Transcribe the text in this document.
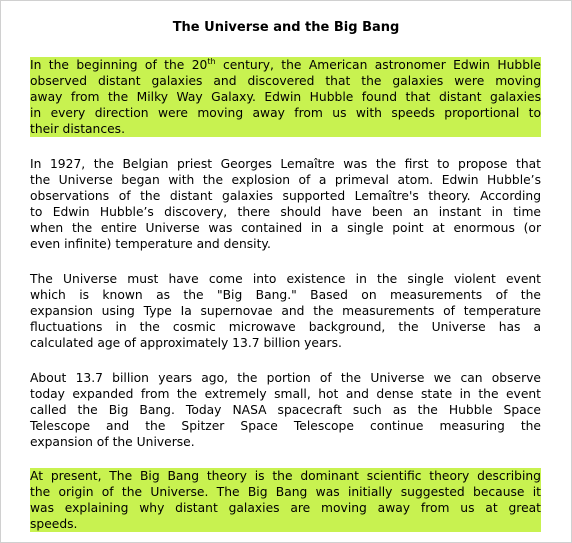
The Universe and the Big Bang
In the beginning of the 20th century, the American astronomer Edwin Hubble
observed distant galaxies and discovered that the galaxies were moving
away from the Milky Way Galaxy. Edwin Hubble found that distant galaxies
in every direction were moving away from us with speeds proportional to
their distances.
In 1927, the Belgian priest Georges Lemaître was the first to propose that
the Universe began with the explosion of a primeval atom. Edwin Hubble’s
observations of the distant galaxies supported Lemaître's theory. According
to Edwin Hubble’s discovery, there should have been an instant in time
when the entire Universe was contained in a single point at enormous (or
even infinite) temperature and density.
The Universe must have come into existence in the single violent event
which is known as the "Big Bang." Based on measurements of the
expansion using Type Ia supernovae and the measurements of temperature
fluctuations in the cosmic microwave background, the Universe has a
calculated age of approximately 13.7 billion years.
About 13.7 billion years ago, the portion of the Universe we can observe
today expanded from the extremely small, hot and dense state in the event
called the Big Bang. Today NASA spacecraft such as the Hubble Space
Telescope and the Spitzer Space Telescope continue measuring the
expansion of the Universe.
At present, The Big Bang theory is the dominant scientific theory describing
the origin of the Universe. The Big Bang was initially suggested because it
was explaining why distant galaxies are moving away from us at great
speeds.
